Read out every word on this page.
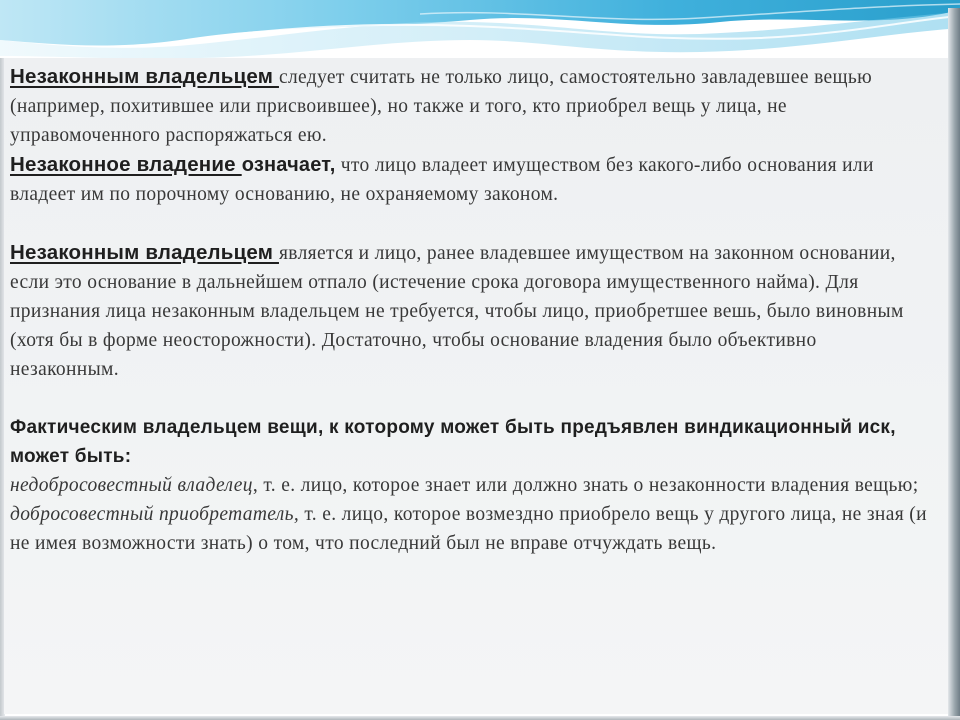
Незаконным владельцем следует считать не только лицо, самостоятельно завладевшее вещью (например, похитившее или присвоившее), но также и того, кто приобрел вещь у лица, не управомоченного распоряжаться ею.

Незаконное владение означает, что лицо владеет имуществом без какого-либо основания или владеет им по порочному основанию, не охраняемому законом.

Незаконным владельцем является и лицо, ранее владевшее имуществом на законном основании, если это основание в дальнейшем отпало (истечение срока договора имущественного найма). Для признания лица незаконным владельцем не требуется, чтобы лицо, приобретшее вешь, было виновным (хотя бы в форме неосторожности). Достаточно, чтобы основание владения было объективно незаконным.

Фактическим владельцем вещи, к которому может быть предъявлен виндикационный иск, может быть:

недобросовестный владелец, т. е. лицо, которое знает или должно знать о незаконности владения вещью;

добросовестный приобретатель, т. е. лицо, которое возмездно приобрело вещь у другого лица, не зная (и не имея возможности знать) о том, что последний был не вправе отчуждать вещь.
